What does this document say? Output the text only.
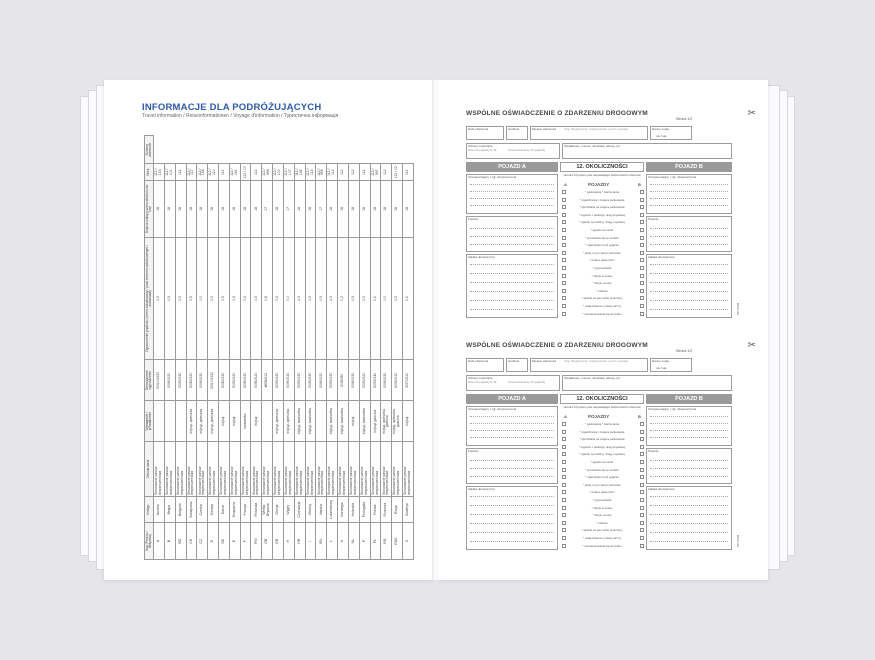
INFORMACJE DLA PODRÓŻUJĄCYCH
Travel information / Reiseinformationen / Voyage d'information / Туристична інформація
Kraj (Person / Bezpieka)	Kodigo	Zielona karta	Wymaganie / prowadzenie	Obowiązkowe wyposażenie	Ograniczenie prędkości (teren zabudowany / poza terenem zabudowanym / autostrada)	Dopuszczalny poziom alkoholu we krwi	Wiek	Numery alarmowe
A	Austria	Stosowanie pasów bezpieczeństwa		50/100/130	0,5	18	112 / 133	
B	Belgia	Stosowanie pasów bezpieczeństwa		50/90/120	0,5	18	112 / 101	
BG	Bułgaria	Stosowanie pasów bezpieczeństwa		50/90/130	0,5	18	112	
CH	Szwajcaria	Stosowanie pasów bezpieczeństwa	trójkąt, apteczka	50/80/120	0,5	18	112 / 117	
CZ	Czechy	Stosowanie pasów bezpieczeństwa	trójkąt, apteczka	50/90/130	0,0	18	112 / 158	
D	Niemcy	Stosowanie pasów bezpieczeństwa	trójkąt, apteczka	50/100/130	0,5	18	112 / 110	
DK	Dania	Stosowanie pasów bezpieczeństwa	trójkąt	50/80/130	0,5	18	112	
E	Hiszpania	Stosowanie pasów bezpieczeństwa	trójkąt	50/90/120	0,5	18	112 / 091	
F	Francja	Stosowanie pasów bezpieczeństwa	kamizelka	50/80/130	0,5	18	112 / 17	
FIN	Finlandia	Stosowanie pasów bezpieczeństwa	trójkąt	50/80/120	0,5	18	112	
GB	Wielka Brytania	Stosowanie pasów bezpieczeństwa		48/96/112	0,8	17	112 / 999	
GR	Grecja	Stosowanie pasów bezpieczeństwa	trójkąt, apteczka	50/90/130	0,5	18	112 / 100	
H	Węgry	Stosowanie pasów bezpieczeństwa	trójkąt, apteczka	50/90/130	0,0	17	112 / 107	
HR	Chorwacja	Stosowanie pasów bezpieczeństwa	trójkąt, kamizelka	50/90/130	0,5	18	112 / 192	
I	Włochy	Stosowanie pasów bezpieczeństwa	trójkąt, kamizelka	50/90/130	0,5	18	112 / 113	
IRL	Irlandia	Stosowanie pasów bezpieczeństwa		50/80/120	0,5	17	112 / 999	
L	Luksemburg	Stosowanie pasów bezpieczeństwa	trójkąt, kamizelka	50/90/130	0,5	18	112 / 113	
N	Norwegia	Stosowanie pasów bezpieczeństwa	trójkąt, kamizelka	50/80/90	0,2	18	112	
NL	Holandia	Stosowanie pasów bezpieczeństwa	trójkąt	50/80/130	0,5	18	112	
P	Portugalia	Stosowanie pasów bezpieczeństwa	trójkąt, kamizelka	50/90/120	0,5	18	112	
PL	Polska	Stosowanie pasów bezpieczeństwa	trójkąt, gaśnica	50/90/140	0,2	18	112 / 997	
RO	Rumunia	Stosowanie pasów bezpieczeństwa	trójkąt, apteczka, gaśnica	50/90/130	0,0	18	112	
RUS	Rosja	Stosowanie pasów bezpieczeństwa	trójkąt, apteczka, gaśnica	60/90/110	0,3	18	112 / 02	
S	Szwecja	Stosowanie pasów bezpieczeństwa	trójkąt	50/70/110	0,2	18	112	
WSPÓLNE OŚWIADCZENIE O ZDARZENIU DROGOWYM	✂
Strona 1/2
Data zdarzenia	Godzina	Miejsce zdarzenia	Kraj, Miejscowość (miejscowość, gmina, powiat)	Ranne osoby
nie / tak
Szkody materialne
inne niż pojazdy A i B	inne przedmioty niż pojazdy
Świadkowie, imiona, nazwiska, adresy, tel.
POJAZD A	12. OKOLICZNOŚCI	POJAZD B
Ubezpieczający / zgł. ubezpieczenia
Pojazdy
Zakład ubezpieczeń
zaznacz krzyżykiem pole odpowiadające okolicznościom zdarzenia
A	B
POJAZDY
* parkowania * zatrzymania
* wyjeżdżania z miejsca parkowania
* wjeżdżania na miejsce parkowania
* wyjazdu z parkingu, drogi prywatnej
* wjazdu na parking, drogę prywatną
* wjazdu na rondo
* poruszania się po rondzie
* najechania na tył pojazdu
* jazdy w tym samym kierunku
* zmiany pasa ruchu
* wyprzedzania
* skrętu w prawo
* skrętu w lewo
* cofania
* wjazdu na pas ruchu przeciwny
* nadjeżdżania z prawej strony
* niezastosowania się do znaku
Ubezpieczający / zgł. ubezpieczenia
Pojazdy
Zakład ubezpieczeń
OC KOM
WSPÓLNE OŚWIADCZENIE O ZDARZENIU DROGOWYM	✂
Strona 1/2
Data zdarzenia	Godzina	Miejsce zdarzenia	Kraj, Miejscowość (miejscowość, gmina, powiat)	Ranne osoby
nie / tak
Szkody materialne
inne niż pojazdy A i B	inne przedmioty niż pojazdy
Świadkowie, imiona, nazwiska, adresy, tel.
POJAZD A	12. OKOLICZNOŚCI	POJAZD B
Ubezpieczający / zgł. ubezpieczenia
Pojazdy
Zakład ubezpieczeń
zaznacz krzyżykiem pole odpowiadające okolicznościom zdarzenia
A	B
POJAZDY
* parkowania * zatrzymania
* wyjeżdżania z miejsca parkowania
* wjeżdżania na miejsce parkowania
* wyjazdu z parkingu, drogi prywatnej
* wjazdu na parking, drogę prywatną
* wjazdu na rondo
* poruszania się po rondzie
* najechania na tył pojazdu
* jazdy w tym samym kierunku
* zmiany pasa ruchu
* wyprzedzania
* skrętu w prawo
* skrętu w lewo
* cofania
* wjazdu na pas ruchu przeciwny
* nadjeżdżania z prawej strony
* niezastosowania się do znaku
Ubezpieczający / zgł. ubezpieczenia
Pojazdy
Zakład ubezpieczeń
OC KOM
